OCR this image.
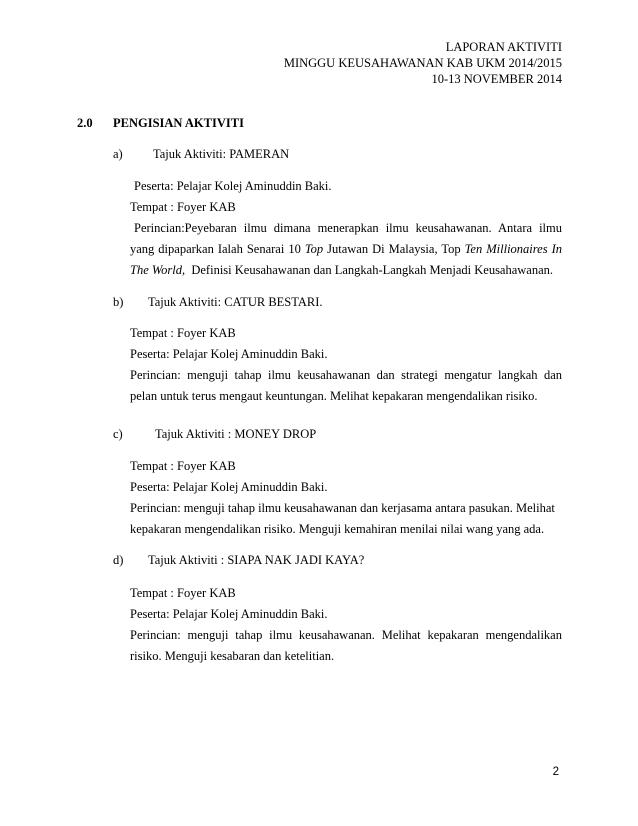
LAPORAN AKTIVITI
MINGGU KEUSAHAWANAN KAB UKM 2014/2015
10-13 NOVEMBER 2014
2.0 PENGISIAN AKTIVITI
a) Tajuk Aktiviti: PAMERAN
Peserta: Pelajar Kolej Aminuddin Baki.
Tempat : Foyer KAB
Perincian:Peyebaran ilmu dimana menerapkan ilmu keusahawanan. Antara ilmu
yang dipaparkan Ialah Senarai 10 Top Jutawan Di Malaysia, Top Ten Millionaires In
The World,  Definisi Keusahawanan dan Langkah-Langkah Menjadi Keusahawanan.
b) Tajuk Aktiviti: CATUR BESTARI.
Tempat : Foyer KAB
Peserta: Pelajar Kolej Aminuddin Baki.
Perincian: menguji tahap ilmu keusahawanan dan strategi mengatur langkah dan
pelan untuk terus mengaut keuntungan. Melihat kepakaran mengendalikan risiko.
c)	Tajuk Aktiviti : MONEY DROP
Tempat : Foyer KAB
Peserta: Pelajar Kolej Aminuddin Baki.
Perincian: menguji tahap ilmu keusahawanan dan kerjasama antara pasukan. Melihat
kepakaran mengendalikan risiko. Menguji kemahiran menilai nilai wang yang ada.
d) Tajuk Aktiviti : SIAPA NAK JADI KAYA?
Tempat : Foyer KAB
Peserta: Pelajar Kolej Aminuddin Baki.
Perincian: menguji tahap ilmu keusahawanan. Melihat kepakaran mengendalikan
risiko. Menguji kesabaran dan ketelitian.
2
